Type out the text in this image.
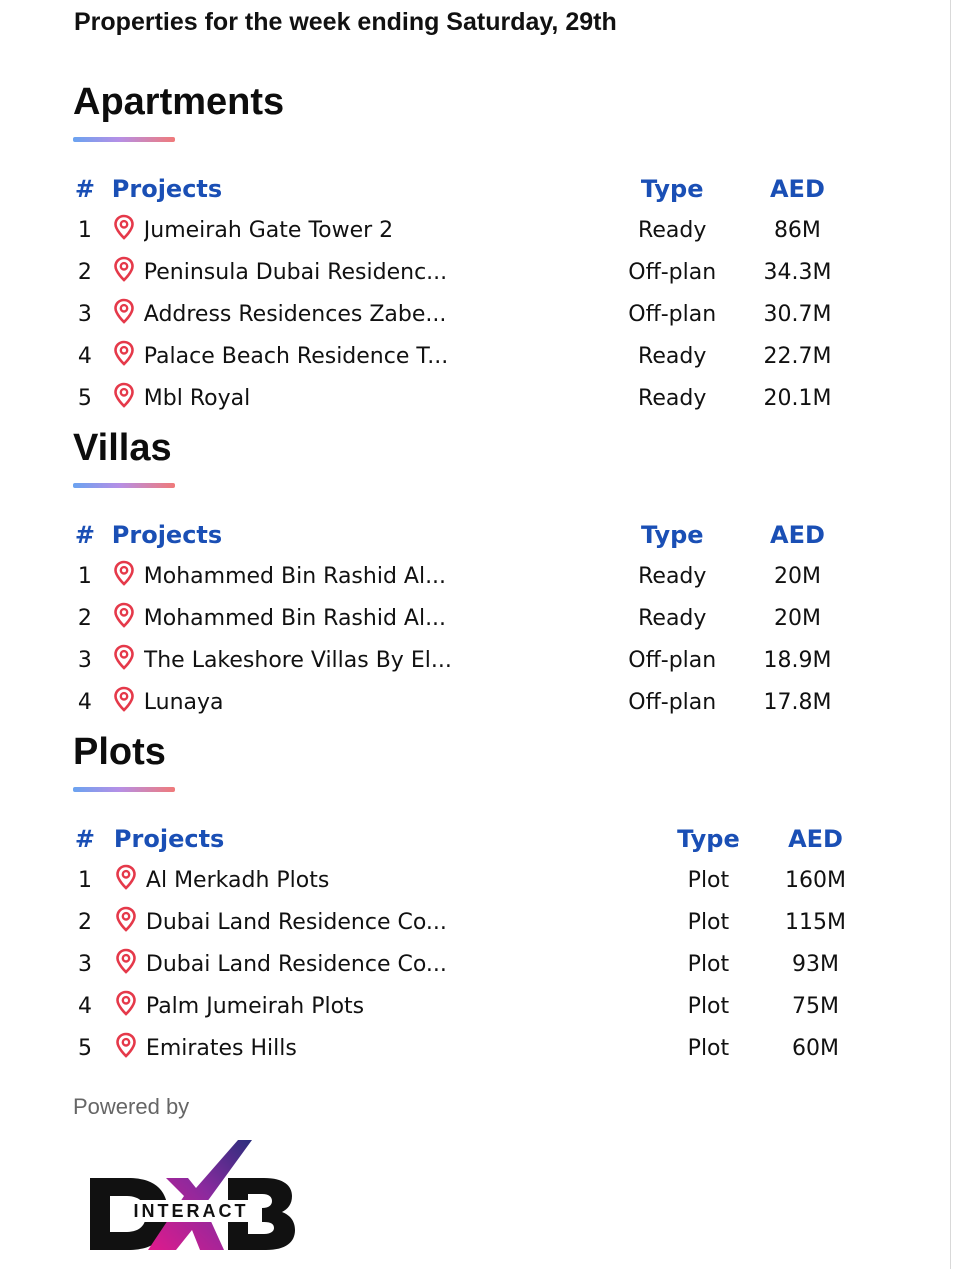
Properties for the week ending Saturday, 29th
Apartments
#	Projects	Type	AED
1	Jumeirah Gate Tower 2	Ready	86M
2	Peninsula Dubai Residenc...	Off-plan	34.3M
3	Address Residences Zabe...	Off-plan	30.7M
4	Palace Beach Residence T...	Ready	22.7M
5	Mbl Royal	Ready	20.1M
Villas
#	Projects	Type	AED
1	Mohammed Bin Rashid Al...	Ready	20M
2	Mohammed Bin Rashid Al...	Ready	20M
3	The Lakeshore Villas By El...	Off-plan	18.9M
4	Lunaya	Off-plan	17.8M
Plots
#	Projects	Type	AED
1	Al Merkadh Plots	Plot	160M
2	Dubai Land Residence Co...	Plot	115M
3	Dubai Land Residence Co...	Plot	93M
4	Palm Jumeirah Plots	Plot	75M
5	Emirates Hills	Plot	60M

Powered by

INTERACT
